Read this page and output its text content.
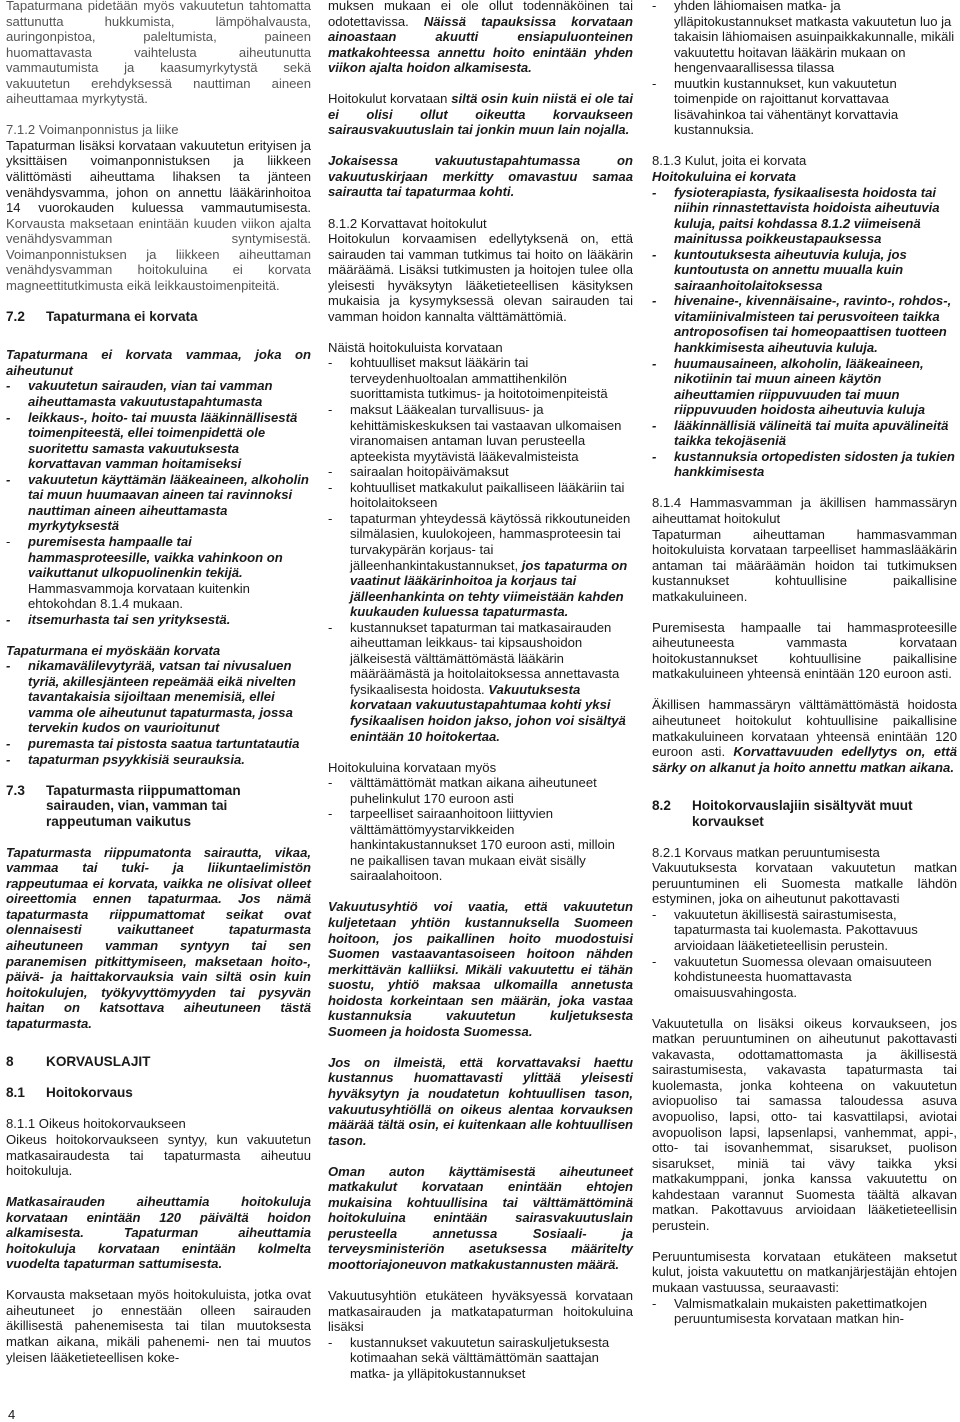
Tapaturmana pidetään myös vakuutetun tahtomatta sattunutta hukkumista, lämpöhalvausta, auringonpistoa, paleltumista, paineen huomattavasta vaihtelusta aiheutunutta vammautumista ja kaasumyrkytystä sekä vakuutetun erehdyksessä nauttiman aineen aiheuttamaa myrkytystä.

7.1.2 Voimanponnistus ja liike

Tapaturman lisäksi korvataan vakuutetun erityisen ja yksittäisen voimanponnistuksen ja liikkeen välittömästi aiheuttama lihaksen ta jänteen venähdysvamma, johon on annettu lääkärinhoitoa 14 vuorokauden kuluessa vammautumisesta. Korvausta maksetaan enintään kuuden viikon ajalta venähdysvamman syntymisestä. Voimanponnistuksen ja liikkeen aiheuttaman venähdysvamman hoitokuluina ei korvata magneettitutkimusta eikä leikkaustoimenpiteitä.

7.2	Tapaturmana ei korvata

Tapaturmana ei korvata vammaa, joka on aiheutunut

- vakuutetun sairauden, vian tai vamman aiheuttamasta vakuutustapahtumasta
- leikkaus-, hoito- tai muusta lääkinnällisestä toimenpiteestä, ellei toimenpidettä ole suoritettu samasta vakuutuksesta korvattavan vamman hoitamiseksi
- vakuutetun käyttämän lääkeaineen, alkoholin tai muun huumaavan aineen tai ravinnoksi nauttiman aineen aiheuttamasta myrkytyksestä
- puremisesta hampaalle tai hammasproteesille, vaikka vahinkoon on vaikuttanut ulkopuolinenkin tekijä. Hammasvammoja korvataan kuitenkin ehtokohdan 8.1.4 mukaan.
- itsemurhasta tai sen yrityksestä.

Tapaturmana ei myöskään korvata

- nikamavälilevytyrää, vatsan tai nivusaluen tyriä, akillesjänteen repeämää eikä nivelten tavantakaisia sijoiltaan menemisiä, ellei vamma ole aiheutunut tapaturmasta, jossa tervekin kudos on vaurioitunut
- puremasta tai pistosta saatua tartuntatautia
- tapaturman psyykkisiä seurauksia.
7.3	Tapaturmasta riippumattoman sairauden, vian, vamman tai rappeutuman vaikutus

Tapaturmasta riippumatonta sairautta, vikaa, vammaa tai tuki- ja liikuntaelimistön rappeutumaa ei korvata, vaikka ne olisivat olleet oireettomia ennen tapaturmaa. Jos nämä tapaturmasta riippumattomat seikat ovat olennaisesti vaikuttaneet tapaturmasta aiheutuneen vamman syntyyn tai sen paranemisen pitkittymiseen, maksetaan hoito-, päivä- ja haittakorvauksia vain siltä osin kuin hoitokulujen, työkyvyttömyyden tai pysyvän haitan on katsottava aiheutuneen tästä tapaturmasta.

8	KORVAUSLAJIT
8.1	Hoitokorvaus

8.1.1 Oikeus hoitokorvaukseen

Oikeus hoitokorvaukseen syntyy, kun vakuutetun matkasairaudesta tai tapaturmasta aiheutuu hoitokuluja.

Matkasairauden aiheuttamia hoitokuluja korvataan enintään 120 päivältä hoidon alkamisesta. Tapaturman aiheuttamia hoitokuluja korvataan enintään kolmelta vuodelta tapaturman sattumisesta.

Korvausta maksetaan myös hoitokuluista, jotka ovat aiheutuneet jo ennestään olleen sairauden äkillisestä pahenemisesta tai tilan muutoksesta matkan aikana, mikäli pahenemi- nen tai muutos yleisen lääketieteellisen koke-

muksen mukaan ei ole ollut todennäköinen tai odotettavissa. Näissä tapauksissa korvataan ainoastaan akuutti ensiapuluonteinen matkakohteessa annettu hoito enintään yhden viikon ajalta hoidon alkamisesta.

Hoitokulut korvataan siltä osin kuin niistä ei ole tai ei olisi ollut oikeutta korvaukseen sairausvakuutuslain tai jonkin muun lain nojalla.

Jokaisessa vakuutustapahtumassa on vakuutuskirjaan merkitty omavastuu samaa sairautta tai tapaturmaa kohti.

8.1.2 Korvattavat hoitokulut

Hoitokulun korvaamisen edellytyksenä on, että sairauden tai vamman tutkimus tai hoito on lääkärin määräämä. Lisäksi tutkimusten ja hoitojen tulee olla yleisesti hyväksytyn lääketieteellisen käsityksen mukaisia ja kysymyksessä olevan sairauden tai vamman hoidon kannalta välttämättömiä.

Näistä hoitokuluista korvataan

- kohtuulliset maksut lääkärin tai terveydenhuoltoalan ammattihenkilön suorittamista tutkimus- ja hoitotoimenpiteistä
- maksut Lääkealan turvallisuus- ja kehittämiskeskuksen tai vastaavan ulkomaisen viranomaisen antaman luvan perusteella apteekista myytävistä lääkevalmisteista
- sairaalan hoitopäivämaksut
- kohtuulliset matkakulut paikalliseen lääkäriin tai hoitolaitokseen
- tapaturman yhteydessä käytössä rikkoutuneiden silmälasien, kuulokojeen, hammasproteesin tai turvakypärän korjaus- tai jälleenhankintakustannukset, jos tapaturma on vaatinut lääkärinhoitoa ja korjaus tai jälleenhankinta on tehty viimeistään kahden kuukauden kuluessa tapaturmasta.
- kustannukset tapaturman tai matkasairauden aiheuttaman leikkaus- tai kipsaushoidon jälkeisestä välttämättömästä lääkärin määräämästä ja hoitolaitoksessa annettavasta fysikaalisesta hoidosta. Vakuutuksesta korvataan vakuutustapahtumaa kohti yksi fysikaalisen hoidon jakso, johon voi sisältyä enintään 10 hoitokertaa.

Hoitokuluina korvataan myös

- välttämättömät matkan aikana aiheutuneet puhelinkulut 170 euroon asti
- tarpeelliset sairaanhoitoon liittyvien välttämättömyystarvikkeiden hankintakustannukset 170 euroon asti, milloin ne paikallisen tavan mukaan eivät sisälly sairaalahoitoon.

Vakuutusyhtiö voi vaatia, että vakuutetun kuljetetaan yhtiön kustannuksella Suomeen hoitoon, jos paikallinen hoito muodostuisi Suomen vastaavantasoiseen hoitoon nähden merkittävän kalliiksi. Mikäli vakuutettu ei tähän suostu, yhtiö maksaa ulkomailla annetusta hoidosta korkeintaan sen määrän, joka vastaa kustannuksia vakuutetun kuljetuksesta Suomeen ja hoidosta Suomessa.

Jos on ilmeistä, että korvattavaksi haettu kustannus huomattavasti ylittää yleisesti hyväksytyn ja noudatetun kohtuullisen tason, vakuutusyhtiöllä on oikeus alentaa korvauksen määrää tältä osin, ei kuitenkaan alle kohtuullisen tason.

Oman auton käyttämisestä aiheutuneet matkakulut korvataan enintään ehtojen mukaisina kohtuullisina tai välttämättöminä hoitokuluina enintään sairasvakuutuslain perusteella annetussa Sosiaali- ja terveysministeriön asetuksessa määritelty moottoriajoneuvon matkakustannusten määrä.

Vakuutusyhtiön etukäteen hyväksyessä korvataan matkasairauden ja matkatapaturman hoitokuluina lisäksi

- kustannukset vakuutetun sairaskuljetuksesta kotimaahan sekä välttämättömän saattajan matka- ja ylläpitokustannukset
- yhden lähiomaisen matka- ja ylläpitokustannukset matkasta vakuutetun luo ja takaisin lähiomaisen asuinpaikkakunnalle, mikäli vakuutettu hoitavan lääkärin mukaan on hengenvaarallisessa tilassa
- muutkin kustannukset, kun vakuutetun toimenpide on rajoittanut korvattavaa lisävahinkoa tai vähentänyt korvattavia kustannuksia.

8.1.3 Kulut, joita ei korvata

Hoitokuluina ei korvata

- fysioterapiasta, fysikaalisesta hoidosta tai niihin rinnastettavista hoidoista aiheutuvia kuluja, paitsi kohdassa 8.1.2 viimeisenä mainitussa poikkeustapauksessa
- kuntoutuksesta aiheutuvia kuluja, jos kuntoutusta on annettu muualla kuin sairaanhoitolaitoksessa
- hivenaine-, kivennäisaine-, ravinto-, rohdos-, vitamiinivalmisteen tai perusvoiteen taikka antroposofisen tai homeopaattisen tuotteen hankkimisesta aiheutuvia kuluja.
- huumausaineen, alkoholin, lääkeaineen, nikotiinin tai muun aineen käytön aiheuttamien riippuvuuden tai muun riippuvuuden hoidosta aiheutuvia kuluja
- lääkinnällisiä välineitä tai muita apuvälineitä taikka tekojäseniä
- kustannuksia ortopedisten sidosten ja tukien hankkimisesta

8.1.4 Hammasvamman ja äkillisen hammassäryn aiheuttamat hoitokulut

Tapaturman aiheuttaman hammasvamman hoitokuluista korvataan tarpeelliset hammaslääkärin antaman tai määräämän hoidon tai tutkimuksen kustannukset kohtuullisine paikallisine matkakuluineen.

Puremisesta hampaalle tai hammasproteesille aiheutuneesta vammasta korvataan hoitokustannukset kohtuullisine paikallisine matkakuluineen yhteensä enintään 120 euroon asti.

Äkillisen hammassäryn välttämättömästä hoidosta aiheutuneet hoitokulut kohtuullisine paikallisine matkakuluineen korvataan yhteensä enintään 120 euroon asti. Korvattavuuden edellytys on, että särky on alkanut ja hoito annettu matkan aikana.

8.2	Hoitokorvauslajiin sisältyvät muut korvaukset

8.2.1 Korvaus matkan peruuntumisesta

Vakuutuksesta korvataan vakuutetun matkan peruuntuminen eli Suomesta matkalle lähdön estyminen, joka on aiheutunut pakottavasti

- vakuutetun äkillisestä sairastumisesta, tapaturmasta tai kuolemasta. Pakottavuus arvioidaan lääketieteellisin perustein.
- vakuutetun Suomessa olevaan omaisuuteen kohdistuneesta huomattavasta omaisuusvahingosta.

Vakuutetulla on lisäksi oikeus korvaukseen, jos matkan peruuntuminen on aiheutunut pakottavasti vakavasta, odottamattomasta ja äkillisestä sairastumisesta, vakavasta tapaturmasta tai kuolemasta, jonka kohteena on vakuutetun aviopuoliso tai samassa taloudessa asuva avopuoliso, lapsi, otto- tai kasvattilapsi, aviotai avopuolison lapsi, lapsenlapsi, vanhemmat, appi-, otto- tai isovanhemmat, sisarukset, puolison sisarukset, miniä tai vävy taikka yksi matkakumppani, jonka kanssa vakuutettu on kahdestaan varannut Suomesta täältä alkavan matkan. Pakottavuus arvioidaan lääketieteellisin perustein.

Peruuntumisesta korvataan etukäteen maksetut kulut, joista vakuutettu on matkanjärjestäjän ehtojen mukaan vastuussa, seuraavasti:

- Valmismatkalain mukaisten pakettimatkojen peruuntumisesta korvataan matkan hin-
4
